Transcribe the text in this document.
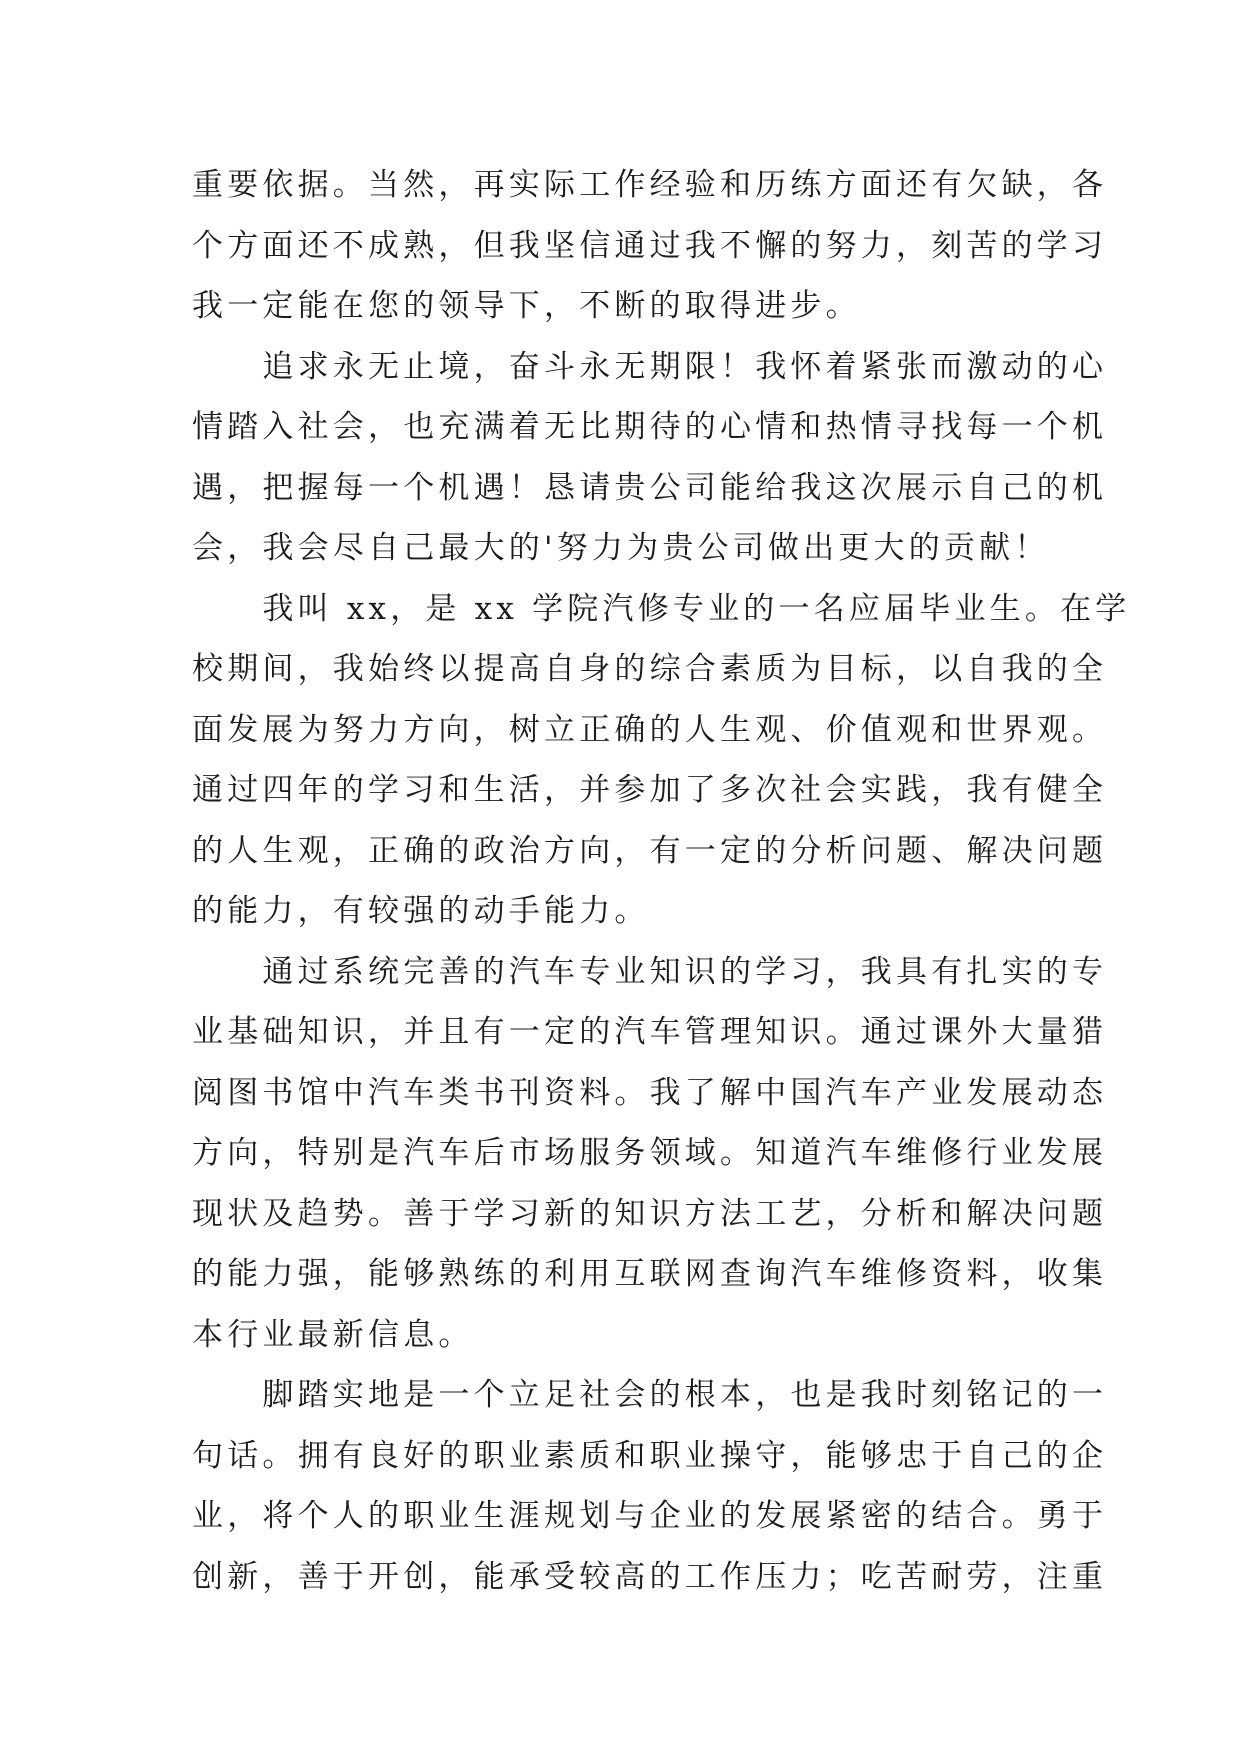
重要依据。当然，再实际工作经验和历练方面还有欠缺，各
个方面还不成熟，但我坚信通过我不懈的努力，刻苦的学习
我一定能在您的领导下，不断的取得进步。
　　追求永无止境，奋斗永无期限！我怀着紧张而激动的心
情踏入社会，也充满着无比期待的心情和热情寻找每一个机
遇，把握每一个机遇！恳请贵公司能给我这次展示自己的机
会，我会尽自己最大的'努力为贵公司做出更大的贡献！
　　我叫 xx，是 xx 学院汽修专业的一名应届毕业生。在学
校期间，我始终以提高自身的综合素质为目标，以自我的全
面发展为努力方向，树立正确的人生观、价值观和世界观。
通过四年的学习和生活，并参加了多次社会实践，我有健全
的人生观，正确的政治方向，有一定的分析问题、解决问题
的能力，有较强的动手能力。
　　通过系统完善的汽车专业知识的学习，我具有扎实的专
业基础知识，并且有一定的汽车管理知识。通过课外大量猎
阅图书馆中汽车类书刊资料。我了解中国汽车产业发展动态
方向，特别是汽车后市场服务领域。知道汽车维修行业发展
现状及趋势。善于学习新的知识方法工艺，分析和解决问题
的能力强，能够熟练的利用互联网查询汽车维修资料，收集
本行业最新信息。
　　脚踏实地是一个立足社会的根本，也是我时刻铭记的一
句话。拥有良好的职业素质和职业操守，能够忠于自己的企
业，将个人的职业生涯规划与企业的发展紧密的结合。勇于
创新，善于开创，能承受较高的工作压力；吃苦耐劳，注重
